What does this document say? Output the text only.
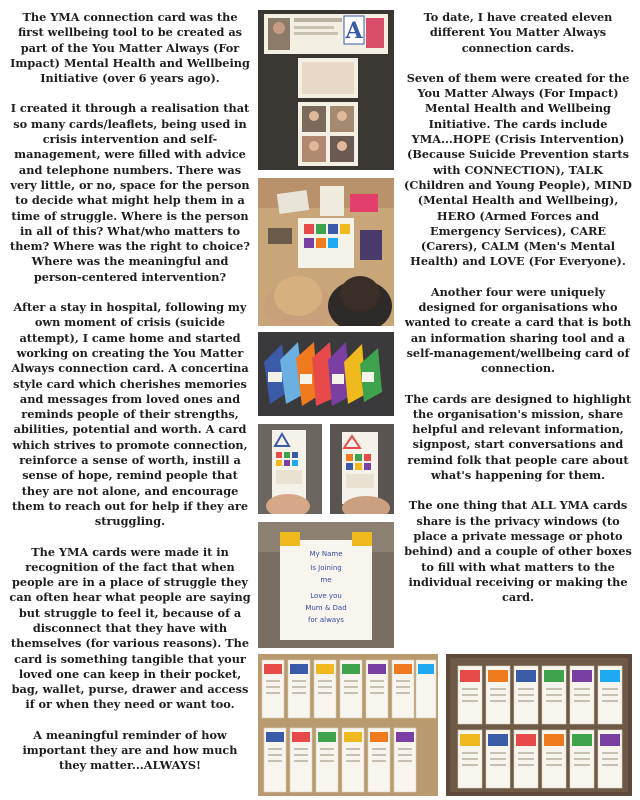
The YMA connection card was the first wellbeing tool to be created as part of the You Matter Always (For Impact) Mental Health and Wellbeing Initiative (over 6 years ago).

I created it through a realisation that so many cards/leaflets, being used in crisis intervention and self-management, were filled with advice and telephone numbers. There was very little, or no, space for the person to decide what might help them in a time of struggle. Where is the person in all of this? What/who matters to them? Where was the right to choice? Where was the meaningful and person-centered intervention?

After a stay in hospital, following my own moment of crisis (suicide attempt), I came home and started working on creating the You Matter Always connection card. A concertina style card which cherishes memories and messages from loved ones and reminds people of their strengths, abilities, potential and worth. A card which strives to promote connection, reinforce a sense of worth, instill a sense of hope, remind people that they are not alone, and encourage them to reach out for help if they are struggling.

The YMA cards were made it in recognition of the fact that when people are in a place of struggle they can often hear what people are saying but struggle to feel it, because of a disconnect that they have with themselves (for various reasons). The card is something tangible that your loved one can keep in their pocket, bag, wallet, purse, drawer and access if or when they need or want too.

A meaningful reminder of how important they are and how much they matter...ALWAYS!

To date, I have created eleven different You Matter Always connection cards.

Seven of them were created for the You Matter Always (For Impact) Mental Health and Wellbeing Initiative. The cards include YMA...HOPE (Crisis Intervention) (Because Suicide Prevention starts with CONNECTION), TALK (Children and Young People), MIND (Mental Health and Wellbeing), HERO (Armed Forces and Emergency Services), CARE (Carers), CALM (Men's Mental Health) and LOVE (For Everyone).

Another four were uniquely designed for organisations who wanted to create a card that is both an information sharing tool and a self-management/wellbeing card of connection.

The cards are designed to highlight the organisation's mission, share helpful and relevant information, signpost, start conversations and remind folk that people care about what's happening for them.

The one thing that ALL YMA cards share is the privacy windows (to place a private message or photo behind) and a couple of other boxes to fill with what matters to the individual receiving or making the card.

A
My Name
Is Joining
me
Love you
Mum & Dad
for always
